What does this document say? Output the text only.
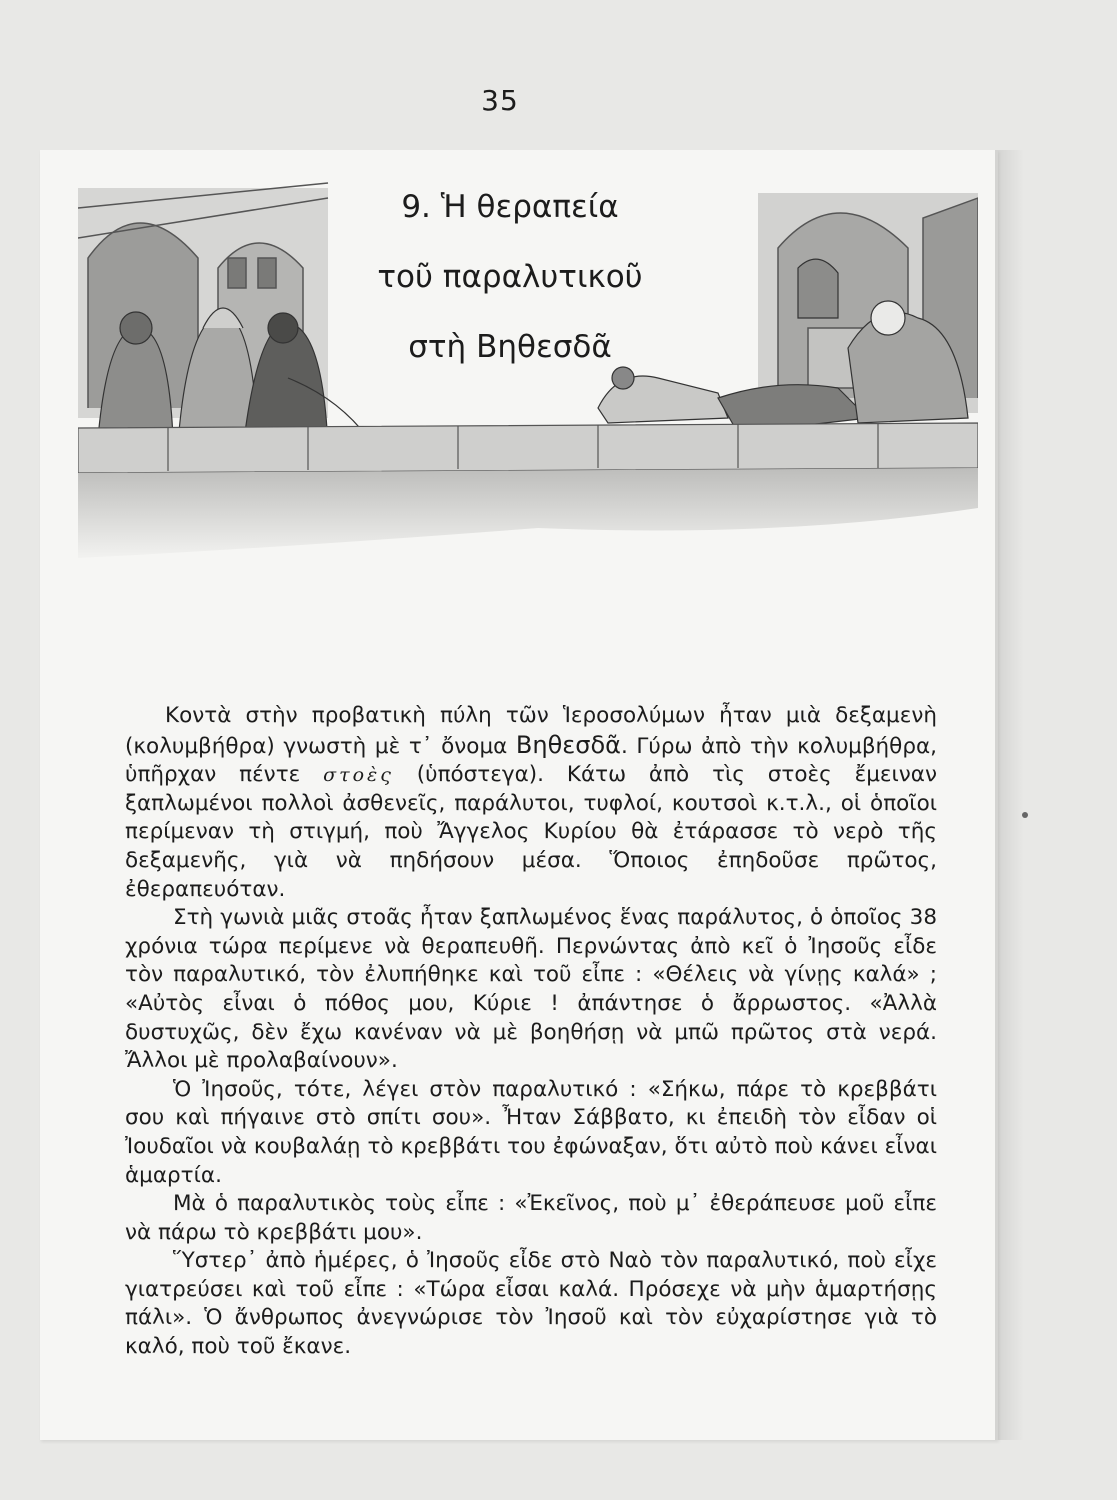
35
9. Ἡ θεραπεία
τοῦ παραλυτικοῦ
στὴ Βηθεσδᾶ

Κοντὰ στὴν προβατικὴ πύλη τῶν Ἱεροσολύμων ἦταν μιὰ δεξαμενὴ (κολυμβήθρα) γνωστὴ μὲ τ᾿ ὄνομα Βηθεσδᾶ. Γύρω ἀπὸ τὴν κολυμβήθρα, ὑπῆρχαν πέντε στοὲς (ὑπόστεγα). Κάτω ἀπὸ τὶς στοὲς ἔμειναν ξαπλωμένοι πολλοὶ ἀσθενεῖς, παράλυτοι, τυφλοί, κουτσοὶ κ.τ.λ., οἱ ὁποῖοι περίμεναν τὴ στιγμή, ποὺ Ἄγγελος Κυρίου θὰ ἐτάρασσε τὸ νερὸ τῆς δεξαμενῆς, γιὰ νὰ πηδήσουν μέσα. Ὅποιος ἐπηδοῦσε πρῶτος, ἐθεραπευόταν.

Στὴ γωνιὰ μιᾶς στοᾶς ἦταν ξαπλωμένος ἕνας παράλυτος, ὁ ὁποῖος 38 χρόνια τώρα περίμενε νὰ θεραπευθῆ. Περνώντας ἀπὸ κεῖ ὁ Ἰησοῦς εἶδε τὸν παραλυτικό, τὸν ἐλυπήθηκε καὶ τοῦ εἶπε : «Θέλεις νὰ γίνῃς καλά» ; «Αὐτὸς εἶναι ὁ πόθος μου, Κύριε ! ἀπάντησε ὁ ἄρρωστος. «Ἀλλὰ δυστυχῶς, δὲν ἔχω κανέναν νὰ μὲ βοηθήσῃ νὰ μπῶ πρῶτος στὰ νερά. Ἄλλοι μὲ προλαβαίνουν».

Ὁ Ἰησοῦς, τότε, λέγει στὸν παραλυτικό : «Σήκω, πάρε τὸ κρεββάτι σου καὶ πήγαινε στὸ σπίτι σου». Ἦταν Σάββατο, κι ἐπειδὴ τὸν εἶδαν οἱ Ἰουδαῖοι νὰ κουβαλάῃ τὸ κρεββάτι του ἐφώναξαν, ὅτι αὐτὸ ποὺ κάνει εἶναι ἁμαρτία.

Μὰ ὁ παραλυτικὸς τοὺς εἶπε : «Ἐκεῖνος, ποὺ μ᾿ ἐθεράπευσε μοῦ εἶπε νὰ πάρω τὸ κρεββάτι μου».

Ὕστερ᾿ ἀπὸ ἡμέρες, ὁ Ἰησοῦς εἶδε στὸ Ναὸ τὸν παραλυτικό, ποὺ εἶχε γιατρεύσει καὶ τοῦ εἶπε : «Τώρα εἶσαι καλά. Πρόσεχε νὰ μὴν ἁμαρτήσῃς πάλι». Ὁ ἄνθρωπος ἀνεγνώρισε τὸν Ἰησοῦ καὶ τὸν εὐχαρίστησε γιὰ τὸ καλό, ποὺ τοῦ ἔκανε.
